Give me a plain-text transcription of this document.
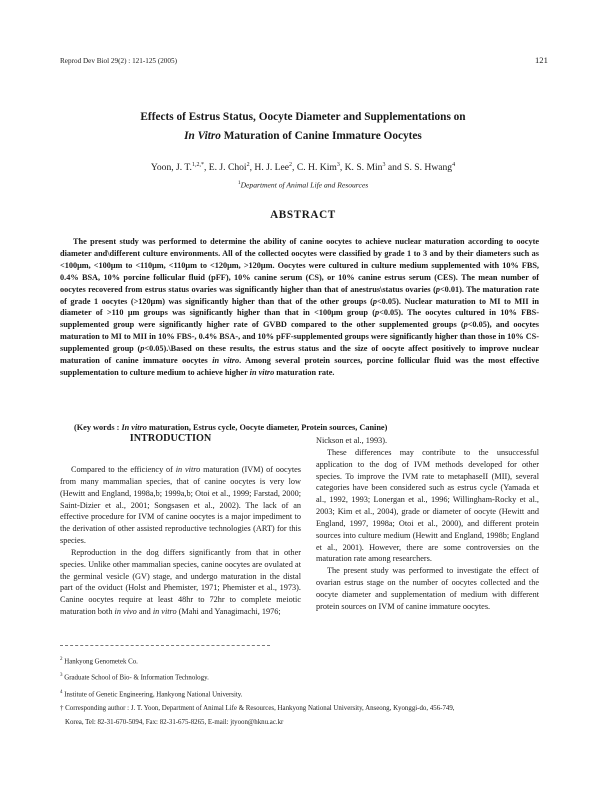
Reprod Dev Biol 29(2) : 121-125 (2005)	121
Effects of Estrus Status, Oocyte Diameter and Supplementations on
In Vitro Maturation of Canine Immature Oocytes
Yoon, J. T.$^{1,2,*}$, E. J. Choi$^2$, H. J. Lee$^2$, C. H. Kim$^3$, K. S. Min$^3$ and S. S. Hwang$^4$
$^1$Department of Animal Life and Resources
ABSTRACT
The present study was performed to determine the ability of canine oocytes to achieve nuclear maturation according to oocyte diameter and\different culture environments. All of the collected oocytes were classified by grade 1 to 3 and by their diameters such as <100μm, <100μm to <110μm, <110μm to <120μm, >120μm. Oocytes were cultured in culture medium supplemented with 10% FBS, 0.4% BSA, 10% porcine follicular fluid (pFF), 10% canine serum (CS), or 10% canine estrus serum (CES). The mean number of oocytes recovered from estrus status ovaries was significantly higher than that of anestrus\status ovaries (p<0.01). The maturation rate of grade 1 oocytes (>120μm) was significantly higher than that of the other groups (p<0.05). Nuclear maturation to MI to MII in diameter of >110 μm groups was significantly higher than that in <100μm group (p<0.05). The oocytes cultured in 10% FBS-supplemented group were significantly higher rate of GVBD compared to the other supplemented groups (p<0.05), and oocytes maturation to MI to MII in 10% FBS-, 0.4% BSA-, and 10% pFF-supplemented groups were significantly higher than those in 10% CS-supplemented group (p<0.05).\Based on these results, the estrus status and the size of oocyte affect positively to improve nuclear maturation of canine immature oocytes in vitro. Among several protein sources, porcine follicular fluid was the most effective supplementation to culture medium to achieve higher in vitro maturation rate.
(Key words : In vitro maturation, Estrus cycle, Oocyte diameter, Protein sources, Canine)
INTRODUCTION

Compared to the efficiency of in vitro maturation (IVM) of oocytes from many mammalian species, that of canine oocytes is very low (Hewitt and England, 1998a,b; 1999a,b; Otoi et al., 1999; Farstad, 2000; Saint-Dizier et al., 2001; Songsasen et al., 2002). The lack of an effective procedure for IVM of canine oocytes is a major impediment to the derivation of other assisted reproductive technologies (ART) for this species.

Reproduction in the dog differs significantly from that in other species. Unlike other mammalian species, canine oocytes are ovulated at the germinal vesicle (GV) stage, and undergo maturation in the distal part of the oviduct (Holst and Phemister, 1971; Phemister et al., 1973). Canine oocytes require at least 48hr to 72hr to complete meiotic maturation both in vivo and in vitro (Mahi and Yanagimachi, 1976;

Nickson et al., 1993).

These differences may contribute to the unsuccessful application to the dog of IVM methods developed for other species. To improve the IVM rate to metaphaseII (MII), several categories have been considered such as estrus cycle (Yamada et al., 1992, 1993; Lonergan et al., 1996; Willingham-Rocky et al., 2003; Kim et al., 2004), grade or diameter of oocyte (Hewitt and England, 1997, 1998a; Otoi et al., 2000), and different protein sources into culture medium (Hewitt and England, 1998b; England et al., 2001). However, there are some controversies on the maturation rate among researchers.

The present study was performed to investigate the effect of ovarian estrus stage on the number of oocytes collected and the oocyte diameter and supplementation of medium with different protein sources on IVM of canine immature oocytes.

$^2$ Hankyong Genometek Co.
$^3$ Graduate School of Bio- & Information Technology.
$^4$ Institute of Genetic Engineering, Hankyong National University.
† Corresponding author : J. T. Yoon, Department of Animal Life & Resources, Hankyong National University, Anseong, Kyonggi-do, 456-749,
Korea, Tel: 82-31-670-5094, Fax: 82-31-675-8265, E-mail: jtyoon@hknu.ac.kr
